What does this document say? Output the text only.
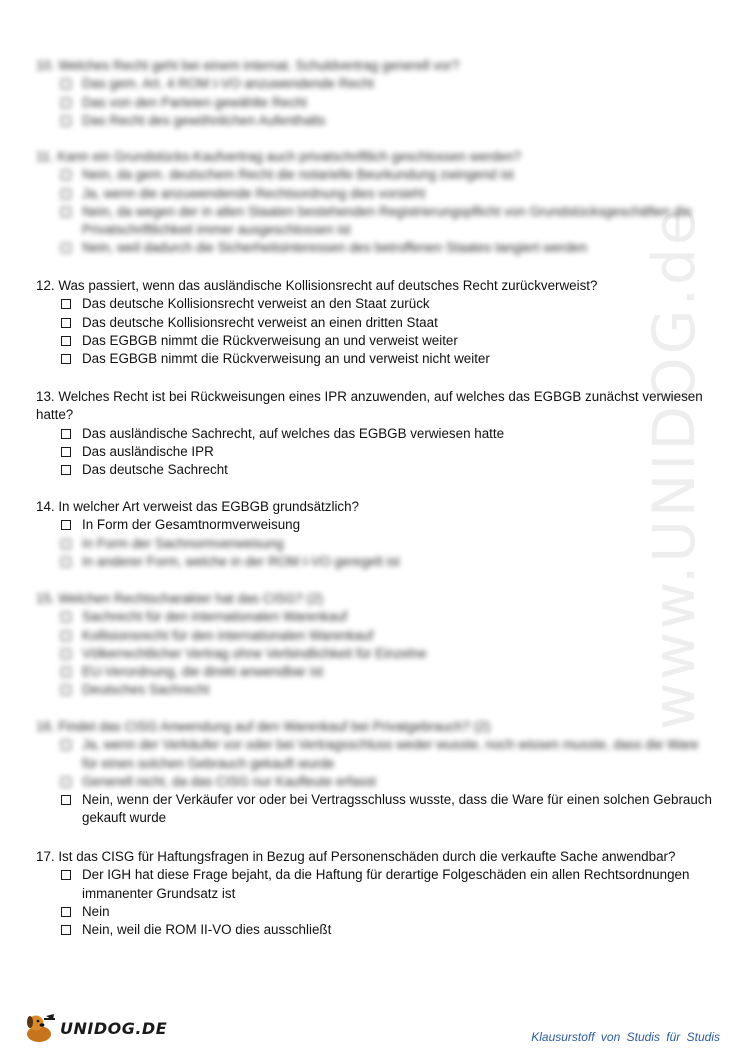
www.UNIDOG.de

10. Welches Recht geht bei einem internat. Schuldvertrag generell vor?

Das gem. Art. 4 ROM I-VO anzuwendende Recht
Das von den Parteien gewählte Recht
Das Recht des gewöhnlichen Aufenthalts

11. Kann ein Grundstücks-Kaufvertrag auch privatschriftlich geschlossen werden?

Nein, da gem. deutschem Recht die notarielle Beurkundung zwingend ist
Ja, wenn die anzuwendende Rechtsordnung dies vorsieht
Nein, da wegen der in allen Staaten bestehenden Registrierungspflicht von Grundstücksgeschäften die Privatschriftlichkeit immer ausgeschlossen ist
Nein, weil dadurch die Sicherheitsinteressen des betroffenen Staates tangiert werden

12. Was passiert, wenn das ausländische Kollisionsrecht auf deutsches Recht zurückverweist?

Das deutsche Kollisionsrecht verweist an den Staat zurück
Das deutsche Kollisionsrecht verweist an einen dritten Staat
Das EGBGB nimmt die Rückverweisung an und verweist weiter
Das EGBGB nimmt die Rückverweisung an und verweist nicht weiter

13. Welches Recht ist bei Rückweisungen eines IPR anzuwenden, auf welches das EGBGB zunächst verwiesen hatte?

Das ausländische Sachrecht, auf welches das EGBGB verwiesen hatte
Das ausländische IPR
Das deutsche Sachrecht

14. In welcher Art verweist das EGBGB grundsätzlich?

In Form der Gesamtnormverweisung
In Form der Sachnormverweisung
In anderer Form, welche in der ROM I-VO geregelt ist

15. Welchen Rechtscharakter hat das CISG? (2)

Sachrecht für den internationalen Warenkauf
Kollisionsrecht für den internationalen Warenkauf
Völkerrechtlicher Vertrag ohne Verbindlichkeit für Einzelne
EU-Verordnung, die direkt anwendbar ist
Deutsches Sachrecht

16. Findet das CISG Anwendung auf den Warenkauf bei Privatgebrauch? (2)

Ja, wenn der Verkäufer vor oder bei Vertragsschluss weder wusste, noch wissen musste, dass die Ware für einen solchen Gebrauch gekauft wurde
Generell nicht, da das CISG nur Kaufleute erfasst
Nein, wenn der Verkäufer vor oder bei Vertragsschluss wusste, dass die Ware für einen solchen Gebrauch gekauft wurde

17. Ist das CISG für Haftungsfragen in Bezug auf Personenschäden durch die verkaufte Sache anwendbar?

Der IGH hat diese Frage bejaht, da die Haftung für derartige Folgeschäden ein allen Rechtsordnungen immanenter Grundsatz ist
Nein
Nein, weil die ROM II-VO dies ausschließt
UNIDOG.DE	Klausurstoff von Studis für Studis
